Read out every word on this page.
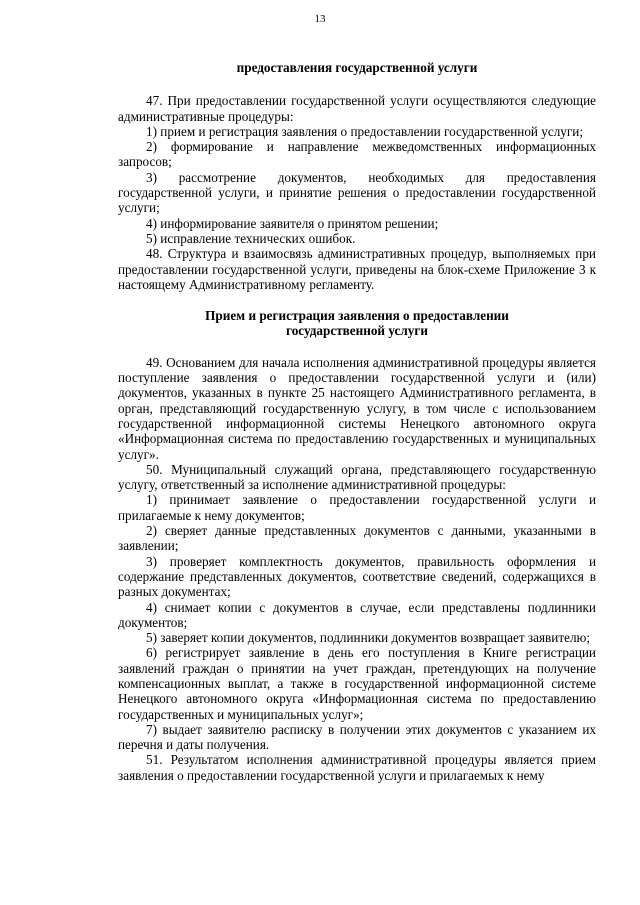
13

предоставления государственной услуги

47. При предоставлении государственной услуги осуществляются следующие административные процедуры:

1) прием и регистрация заявления о предоставлении государственной услуги;

2) формирование и направление межведомственных информационных запросов;

3) рассмотрение документов, необходимых для предоставления государственной услуги, и принятие решения о предоставлении государственной услуги;

4) информирование заявителя о принятом решении;

5) исправление технических ошибок.

48. Структура и взаимосвязь административных процедур, выполняемых при предоставлении государственной услуги, приведены на блок-схеме Приложение 3 к настоящему Административному регламенту.

Прием и регистрация заявления о предоставлении
государственной услуги

49. Основанием для начала исполнения административной процедуры является поступление заявления о предоставлении государственной услуги и (или) документов, указанных в пункте 25 настоящего Административного регламента, в орган, представляющий государственную услугу, в том числе с использованием государственной информационной системы Ненецкого автономного округа «Информационная система по предоставлению государственных и муниципальных услуг».

50. Муниципальный служащий органа, представляющего государственную услугу, ответственный за исполнение административной процедуры:

1) принимает заявление о предоставлении государственной услуги и прилагаемые к нему документов;

2) сверяет данные представленных документов с данными, указанными в заявлении;

3) проверяет комплектность документов, правильность оформления и содержание представленных документов, соответствие сведений, содержащихся в разных документах;

4) снимает копии с документов в случае, если представлены подлинники документов;

5) заверяет копии документов, подлинники документов возвращает заявителю;

6) регистрирует заявление в день его поступления в Книге регистрации заявлений граждан о принятии на учет граждан, претендующих на получение компенсационных выплат, а также в государственной информационной системе Ненецкого автономного округа «Информационная система по предоставлению государственных и муниципальных услуг»;

7) выдает заявителю расписку в получении этих документов с указанием их перечня и даты получения.

51. Результатом исполнения административной процедуры является прием заявления о предоставлении государственной услуги и прилагаемых к нему
